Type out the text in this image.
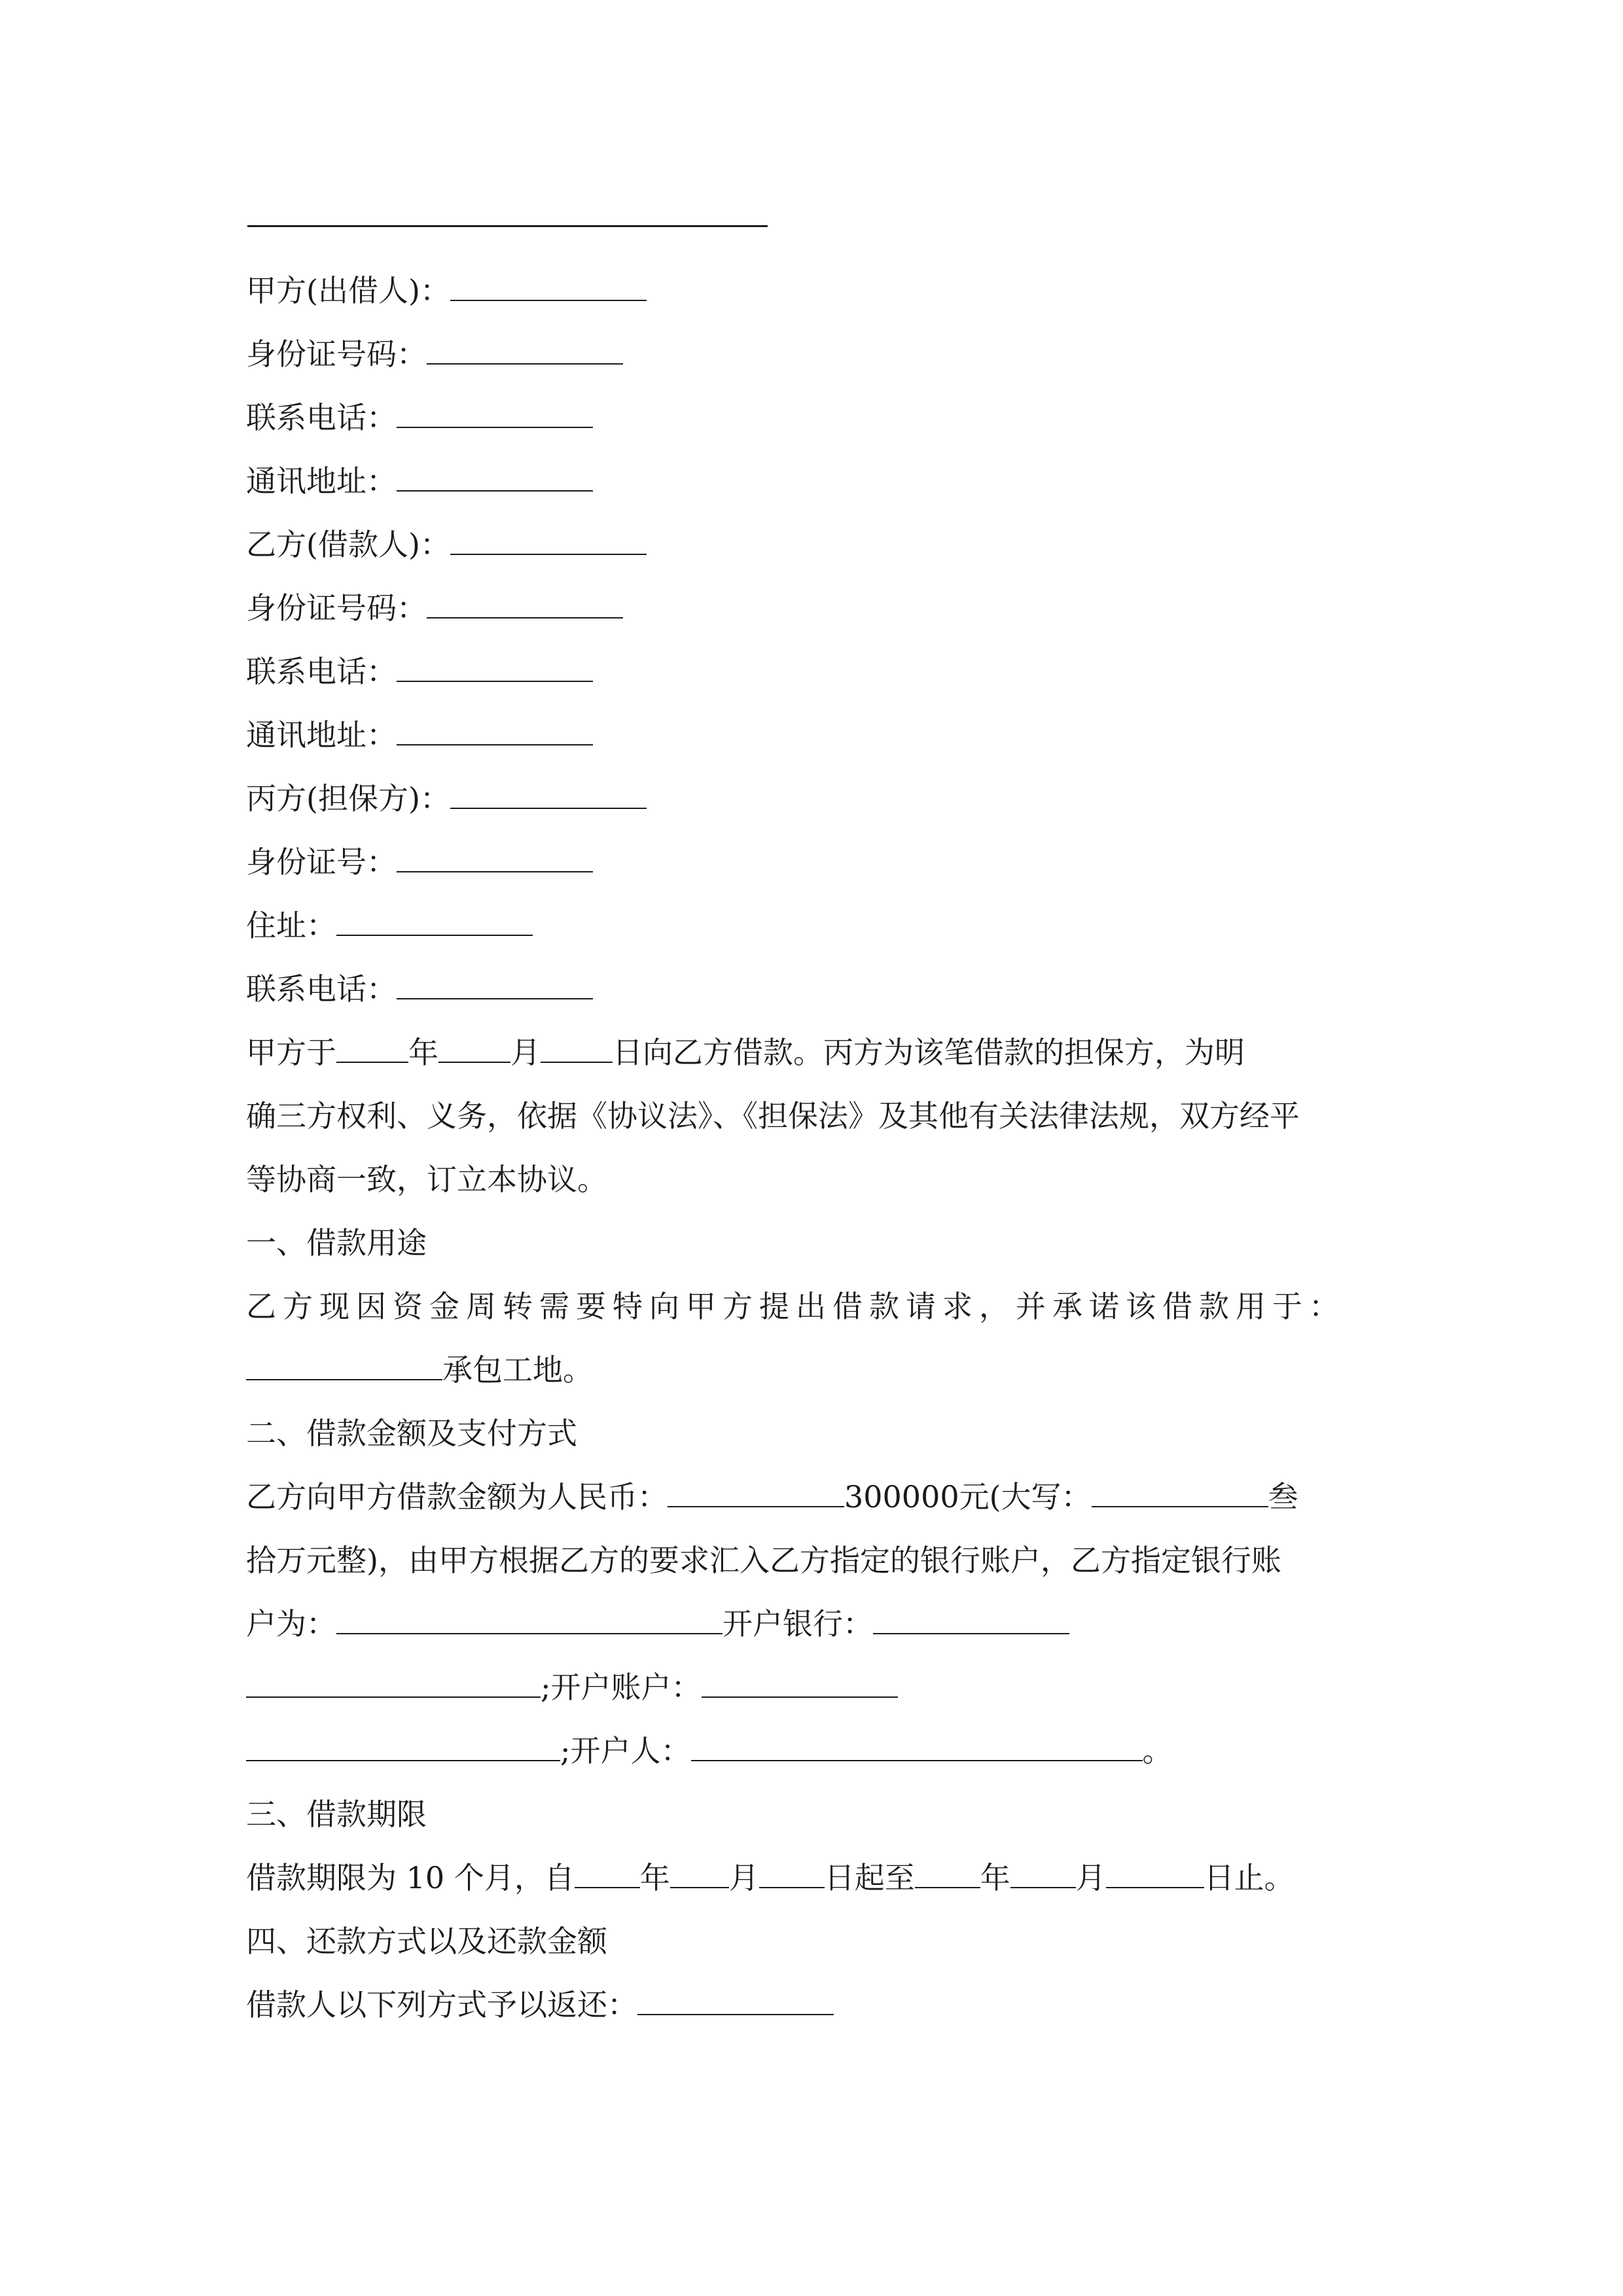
甲方(出借人)：
身份证号码：
联系电话：
通讯地址：
乙方(借款人)：
身份证号码：
联系电话：
通讯地址：
丙方(担保方)：
身份证号：
住址：
联系电话：
甲方于 年 月 日向乙方借款。丙方为该笔借款的担保方，为明
确三方权利、义务，依据《协议法》、《担保法》及其他有关法律法规，双方经平
等协商一致，订立本协议。
一、借款用途
乙方现因资金周转需要特向甲方提出借款请求，并承诺该借款用于：
承包工地。
二、借款金额及支付方式
乙方向甲方借款金额为人民币：	300000元(大写：	叁
拾万元整)，由甲方根据乙方的要求汇入乙方指定的银行账户，乙方指定银行账
户为：	开户银行：
;开户账户：
;开户人：	。
三、借款期限
借款期限为 10 个月，自 年 月 日起至 年 月	日止。
四、还款方式以及还款金额
借款人以下列方式予以返还：
